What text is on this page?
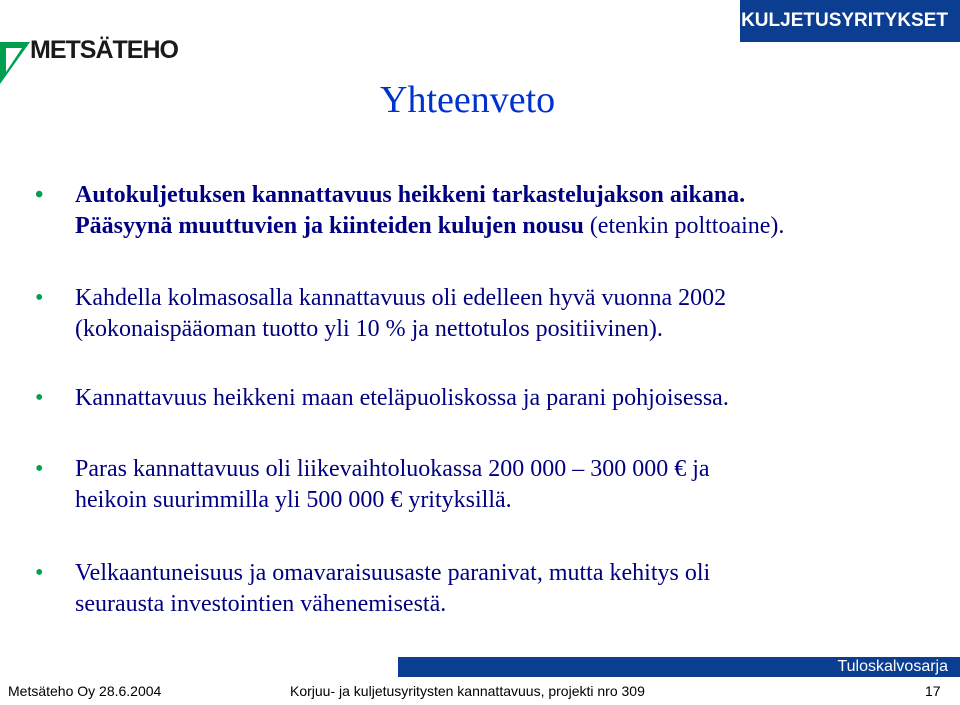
KULJETUSYRITYKSET
METSÄTEHO
Yhteenveto
• Autokuljetuksen kannattavuus heikkeni tarkastelujakson aikana.
Pääsyynä muuttuvien ja kiinteiden kulujen nousu (etenkin polttoaine).
• Kahdella kolmasosalla kannattavuus oli edelleen hyvä vuonna 2002
(kokonaispääoman tuotto yli 10 % ja nettotulos positiivinen).
• Kannattavuus heikkeni maan eteläpuoliskossa ja parani pohjoisessa.
• Paras kannattavuus oli liikevaihtoluokassa 200 000 – 300 000 € ja
heikoin suurimmilla yli 500 000 € yrityksillä.
• Velkaantuneisuus ja omavaraisuusaste paranivat, mutta kehitys oli
seurausta investointien vähenemisestä.
Tuloskalvosarja
Metsäteho Oy 28.6.2004	Korjuu- ja kuljetusyritysten kannattavuus, projekti nro 309	17
